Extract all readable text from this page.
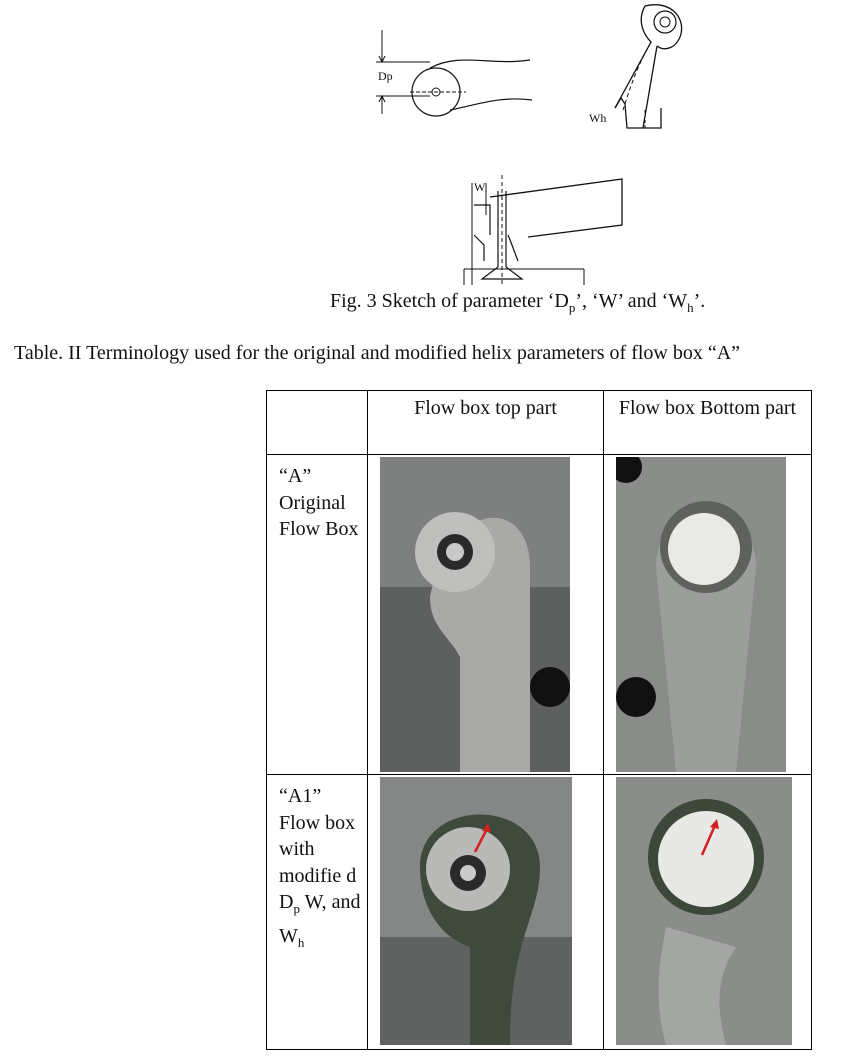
Dp
Wh
W
Fig. 3 Sketch of parameter ‘$D_p$’, ‘W’ and ‘$W_h$’.
Table. II Terminology used for the original and modified helix parameters of flow box “A”
	Flow box top part	Flow box Bottom part
“A” Original Flow Box	

“A1” Flow box with modifie d $D_p$ W, and $W_h$	
